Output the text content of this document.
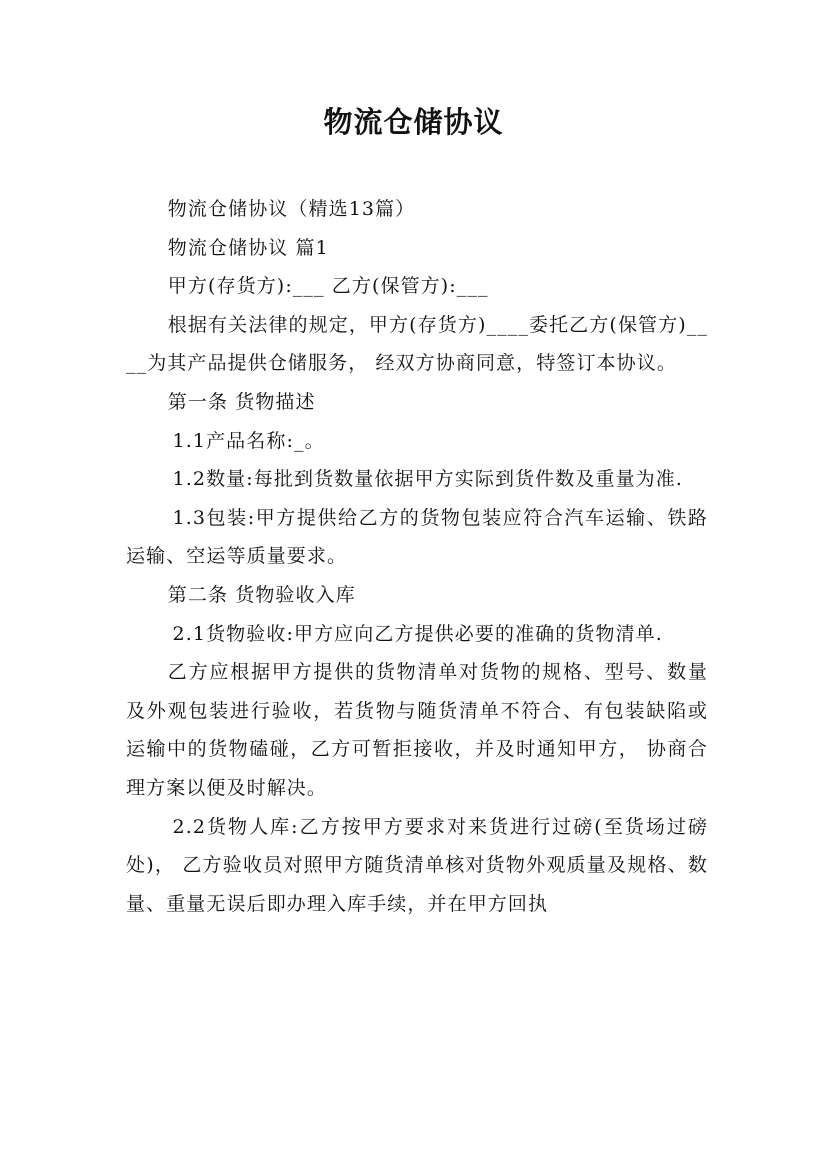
物流仓储协议

物流仓储协议（精选13篇）

物流仓储协议 篇1

甲方(存货方):___ 乙方(保管方):___

根据有关法律的规定，甲方(存货方)____委托乙方(保管方)____为其产品提供仓储服务， 经双方协商同意，特签订本协议。

第一条 货物描述

1.1产品名称:_。

1.2数量:每批到货数量依据甲方实际到货件数及重量为准.

1.3包装:甲方提供给乙方的货物包装应符合汽车运输、铁路运输、空运等质量要求。

第二条 货物验收入库

2.1货物验收:甲方应向乙方提供必要的准确的货物清单.

乙方应根据甲方提供的货物清单对货物的规格、型号、数量及外观包装进行验收，若货物与随货清单不符合、有包装缺陷或运输中的货物磕碰，乙方可暂拒接收，并及时通知甲方， 协商合理方案以便及时解决。

2.2货物人库:乙方按甲方要求对来货进行过磅(至货场过磅处)， 乙方验收员对照甲方随货清单核对货物外观质量及规格、数量、重量无误后即办理入库手续，并在甲方回执
